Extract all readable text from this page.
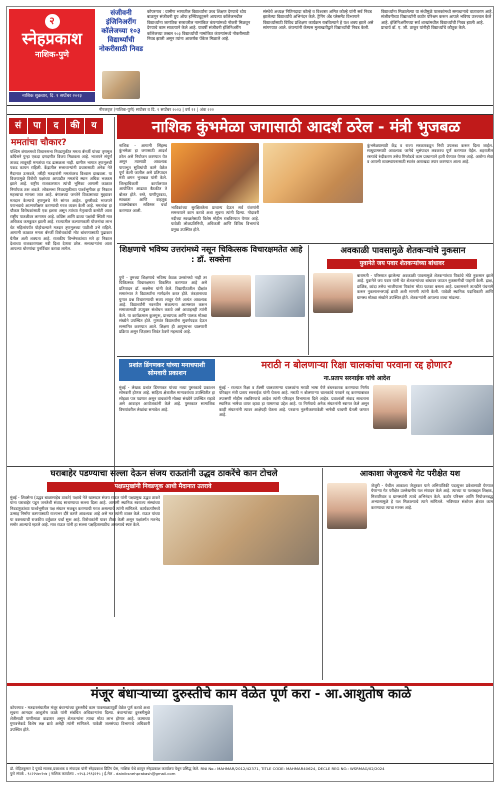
२
स्नेहप्रकाश
नाशिक-पुणे
नाशिक शुक्रवार, दि. १ सप्टेंबर २०२३
संजीवनी इंजिनिअरींग कॉलेजच्या १०३ विद्यार्थ्यांची नोकरीसाठी निवड
कोपरगाव : ग्रामीण भागातील विद्यार्थ्यांना उच्च शिक्षण देण्याचे ध्येय बाळगून संजीवनी ग्रुप ऑफ इन्स्टिट्यूट्सने आपल्या कॉलेजमधील विद्यार्थ्यांना जागतिक स्तरावरील नामांकित कंपन्यांमध्ये नोकरी मिळवून देण्याचे काम सातत्याने केले आहे. यावर्षी संजीवनी इंजिनिअरींग कॉलेजच्या तब्बल १०३ विद्यार्थ्यांची नामांकित कंपन्यांमध्ये नोकरीसाठी निवड झाली असून त्यांना आकर्षक पॅकेज मिळाले आहे.
संस्थेचे अध्यक्ष नितिनदादा कोल्हे व विश्वस्त अमित कोल्हे यांनी सर्व निवड झालेल्या विद्यार्थ्यांचे अभिनंदन केले. ट्रेनिंग अँड प्लेसमेंट विभागाने विद्यार्थ्यांसाठी विविध प्रशिक्षण कार्यक्रम राबविल्याने हे यश शक्य झाले असे सांगण्यात आले. कंपन्यांनी कॅम्पस मुलाखतीद्वारे विद्यार्थ्यांची निवड केली.
विद्यार्थ्यांना मिळालेल्या या संधीमुळे पालकांमध्ये समाधानाचे वातावरण आहे. संजीवनीच्या विद्यार्थ्यांनी कठोर परिश्रम करून आपले भविष्य उज्ज्वल केले आहे. इंजिनिअरींगच्या सर्व शाखांमधील विद्यार्थ्यांची निवड झाली आहे. प्राचार्य डॉ. ए. जी. ठाकूर यांनीही विद्यार्थ्यांचे कौतुक केले.
नीरजवृत्त (नाशिक-पुणे) सप्टेंबर व दि. १ सप्टेंबर २०२३ | वर्ष ११ | अंक २२२
सं	पा	द	की	य
ममतांचा चौकार?
पश्चिम बंगालमध्ये विधानसभा निवडणुकीत ममता बॅनर्जी यांच्या तृणमूल काँग्रेसने पुन्हा एकदा दणदणीत विजय मिळवला आहे. भाजपने संपूर्ण ताकद लावूनही ममतांचा गड ढासळला नाही. ग्रामीण भागात तृणमूलची पकड कायम राहिली. केंद्रातील सत्ताधाऱ्यांनी प्रचारासाठी अनेक नेते मैदानात उतरवले, तरीही मतदारांनी ममतांवरच विश्वास दाखवला. या विजयामुळे विरोधी पक्षांच्या आघाडीत ममतांचे स्थान अधिक भक्कम झाले आहे. राष्ट्रीय राजकारणात त्यांची भूमिका आगामी काळात निर्णायक ठरू शकते. लोकसभा निवडणुकीच्या पार्श्वभूमीवर हा निकाल महत्त्वाचा मानला जात आहे. बंगालच्या जनतेने विकासाच्या मुद्द्यावर मतदान केल्याचे तृणमूलचे नेते सांगत आहेत. दुसरीकडे भाजपने पराभवाचे आत्मपरीक्षण करण्याची गरज व्यक्त केली आहे. ममतांचा हा चौकार विरोधकांसाठी एक इशारा असून त्यांच्या नेतृत्वाची कसोटी आता राष्ट्रीय पातळीवर लागणार आहे. काँग्रेस आणि डाव्या पक्षांची स्थिती मात्र अधिकच कमकुवत झाली आहे. राज्यातील कल्याणकारी योजनांचा लाभ थेट महिलांपर्यंत पोहोचल्याने मतदार तृणमूलच्या पाठीशी उभे राहिले. आगामी काळात ममता बॅनर्जी विरोधकांची मोट बांधण्यासाठी पुढाकार घेतील अशी शक्यता आहे. राजकीय विश्लेषकांच्या मते हा निकाल देशाच्या राजकारणाला नवी दिशा देणारा ठरेल. सत्ताधाऱ्यांना आता आपल्या धोरणांचा पुनर्विचार करावा लागेल.
नाशिक कुंभमेळा जगासाठी आदर्श ठरेल - मंत्री भुजबळ
नाशिक - आगामी सिंहस्थ कुंभमेळा हा जगासाठी आदर्श ठरेल असे नियोजन करण्यात येत असून त्यासाठी आवश्यक पायाभूत सुविधांची कामे वेळेत पूर्ण केली जातील असे प्रतिपादन मंत्री छगन भुजबळ यांनी केले. जिल्हाधिकारी कार्यालयात आयोजित आढावा बैठकीत ते बोलत होते. रस्ते, पाणीपुरवठा, स्वच्छता आणि वाहतूक व्यवस्थेबाबत सविस्तर चर्चा करण्यात आली.
भाविकांच्या सुरक्षिततेला प्राधान्य देऊन सर्व यंत्रणांनी समन्वयाने काम करावे अशा सूचना त्यांनी दिल्या. गोदावरी नदीच्या स्वच्छतेसाठी विशेष मोहीम राबविण्यात येणार आहे. यावेळी लोकप्रतिनिधी, अधिकारी आणि विविध विभागांचे प्रमुख उपस्थित होते.
कुंभमेळ्यासाठी केंद्र व राज्य सरकारकडून निधी उपलब्ध करून दिला जाईल. साधुग्रामसाठी आवश्यक जागेचे भूसंपादन लवकरच पूर्ण करण्यात येईल. शहरातील रस्त्यांचे रुंदीकरण तसेच रिंगरोडचे काम प्राधान्याने हाती घेण्यात येणार आहे. आरोग्य सेवा व आपत्ती व्यवस्थापनासाठी स्वतंत्र आराखडा तयार करण्यात आला आहे.
शिक्षणाचे भविष्य उत्तरांमध्ये नसून चिकित्सक विचारक्षमतेत आहे : डॉ. सक्सेना
पुणे - तुमच्या शिक्षणाचे भविष्य केवळ उत्तरांमध्ये नाही तर चिकित्सक विचारक्षमता विकसित करण्यात आहे असे प्रतिपादन डॉ. सक्सेना यांनी केले. विद्यापीठातील दीक्षांत समारंभात ते विद्यार्थ्यांना मार्गदर्शन करत होते. तंत्रज्ञानाच्या युगात प्रश्न विचारण्याची सवय लावून घेणे अत्यंत आवश्यक आहे. विद्यार्थ्यांनी नवनवीन संकल्पना आत्मसात करून समाजासाठी उपयुक्त संशोधन करावे असे आवाहनही त्यांनी केले. या कार्यक्रमास कुलगुरू, प्राध्यापक आणि पालक मोठ्या संख्येने उपस्थित होते. गुणवंत विद्यार्थ्यांना सुवर्णपदक देऊन सन्मानित करण्यात आले. शिक्षण ही आयुष्यभर चालणारी प्रक्रिया असून जिज्ञासा जिवंत ठेवणे महत्त्वाचे आहे.
अवकाळी पावसामुळे शेतकऱ्यांचे नुकसान
युवानेते जय पवार शेतकऱ्यांच्या बांधावर
बारामती - परिसरात झालेल्या अवकाळी पावसामुळे शेतकऱ्यांच्या पिकांचे मोठे नुकसान झाले आहे. युवानेते जय पवार यांनी थेट शेतकऱ्यांच्या बांधावर जाऊन नुकसानीची पाहणी केली. द्राक्ष, डाळिंब, कांदा तसेच भाजीपाला पिकांना मोठा फटका बसला आहे. प्रशासनाने तातडीने पंचनामे करून नुकसानभरपाई द्यावी अशी मागणी त्यांनी केली. यावेळी स्थानिक पदाधिकारी आणि ग्रामस्थ मोठ्या संख्येने उपस्थित होते. शेतकऱ्यांनी आपल्या व्यथा मांडल्या.
प्रशांत डिंगणकर यांच्या मनाचपाशी सोमवारी प्रकाशन
मुंबई - लेखक प्रशांत डिंगणकर यांच्या नव्या पुस्तकाचे प्रकाशन सोमवारी होणार आहे. साहित्य क्षेत्रातील मान्यवरांच्या उपस्थितीत हा सोहळा पार पडणार असून वाचकांनी मोठ्या संख्येने उपस्थित राहावे असे आवाहन आयोजकांनी केले आहे. पुस्तकात सामाजिक विषयांवरील लेखांचा समावेश आहे.
मराठी न बोलणाऱ्या रिक्षा चालकांचा परवाना रद्द होणार?
ना.प्रताप सरनाईक यांचे आदेश
मुंबई - राज्यात रिक्षा व टॅक्सी चालवणाऱ्या चालकांना मराठी भाषा येणे बंधनकारक करण्याचा निर्णय परिवहन मंत्री प्रताप सरनाईक यांनी घेतला आहे. मराठी न बोलणाऱ्या चालकांचे परवाने रद्द करण्याबाबत तपासणी मोहीम राबविण्याचे आदेश त्यांनी परिवहन विभागाला दिले आहेत. प्रवाशांशी संवाद साधताना स्थानिक भाषेचा वापर व्हावा हा यामागचा उद्देश आहे. या निर्णयाचे अनेक संघटनांनी स्वागत केले असून काही संघटनांनी त्यावर आक्षेपही घेतला आहे. परवाना नूतनीकरणावेळी भाषेची चाचणी घेतली जाणार आहे.
घराबाहेर पडण्याचा सल्ला देऊन संजय राऊतांनी उद्धव ठाकरेंचे कान टोचले
पक्षप्रमुखांनी निवडणूक आधी मैदानात उतरावे
मुंबई - शिवसेना (उद्धव बाळासाहेब ठाकरे) पक्षाचे नेते खासदार संजय राऊत यांनी पक्षप्रमुख उद्धव ठाकरे यांना घराबाहेर पडून जनतेशी संवाद साधण्याचा सल्ला दिला आहे. आगामी स्थानिक स्वराज्य संस्थांच्या निवडणुकांच्या पार्श्वभूमीवर पक्ष संघटन मजबूत करण्याची गरज असल्याचे त्यांनी सांगितले. कार्यकर्त्यांमध्ये उत्साह निर्माण करण्यासाठी राज्यभर दौरे करणे आवश्यक आहे असे मत त्यांनी व्यक्त केले. राऊत यांच्या या वक्तव्याची राजकीय वर्तुळात चर्चा सुरू आहे. विरोधकांनी यावर टीका केली असून पक्षांतर्गत मतभेद समोर आल्याचे म्हटले आहे. मात्र राऊत यांनी हा सल्ला पक्षहितासाठीच असल्याचे स्पष्ट केले.
आकाशा जेजुरकचे गेट परीक्षेत यश
जेजुरी - येथील आकाशा जेजुरकर याने अभियांत्रिकी पदव्युत्तर प्रवेशासाठी घेण्यात येणाऱ्या गेट परीक्षेत उल्लेखनीय यश संपादन केले आहे. त्याच्या या यशाबद्दल शिक्षक, मित्रपरिवार व ग्रामस्थांनी त्याचे अभिनंदन केले. कठोर परिश्रम आणि नियोजनबद्ध अभ्यासामुळे हे यश मिळाल्याचे त्याने सांगितले. भविष्यात संशोधन क्षेत्रात काम करण्याचा त्याचा मानस आहे.
मंजूर बंधाऱ्याच्या दुरुस्तीचे काम वेळेत पूर्ण करा - आ.आशुतोष काळे
कोपरगाव - मतदारसंघातील मंजूर बंधाऱ्यांच्या दुरुस्तीचे काम पावसाळ्यापूर्वी वेळेत पूर्ण करावे अशा सूचना आमदार आशुतोष काळे यांनी संबंधित अधिकाऱ्यांना दिल्या. बंधाऱ्यांच्या दुरुस्तीमुळे शेतीसाठी पाणीसाठा वाढणार असून शेतकऱ्यांना त्याचा मोठा लाभ होणार आहे. कामाच्या गुणवत्तेकडे विशेष लक्ष द्यावे असेही त्यांनी सांगितले. यावेळी जलसंपदा विभागाचे अधिकारी उपस्थित होते.
डॉ. रोहितकुमार दे पुराडे मालक,प्रकाशक व संपादक यांनी स्नेहप्रकाश प्रिंटिंग प्रेस, नाशिक येथे छापून स्नेहप्रकाश कार्यालय येथून प्रसिद्ध केले. RNI No.: MAHMAR/2012/42371, TITLE CODE: MAHMAR40624, DECLE REG NO.: WSRMAG/02/2024
पुणे संपर्क - ९८२२५७०२०७ | नाशिक कार्यालय - ०२५३-२९९३२१५ | ई-मेल - dainiksnehprakash@gmail.com
